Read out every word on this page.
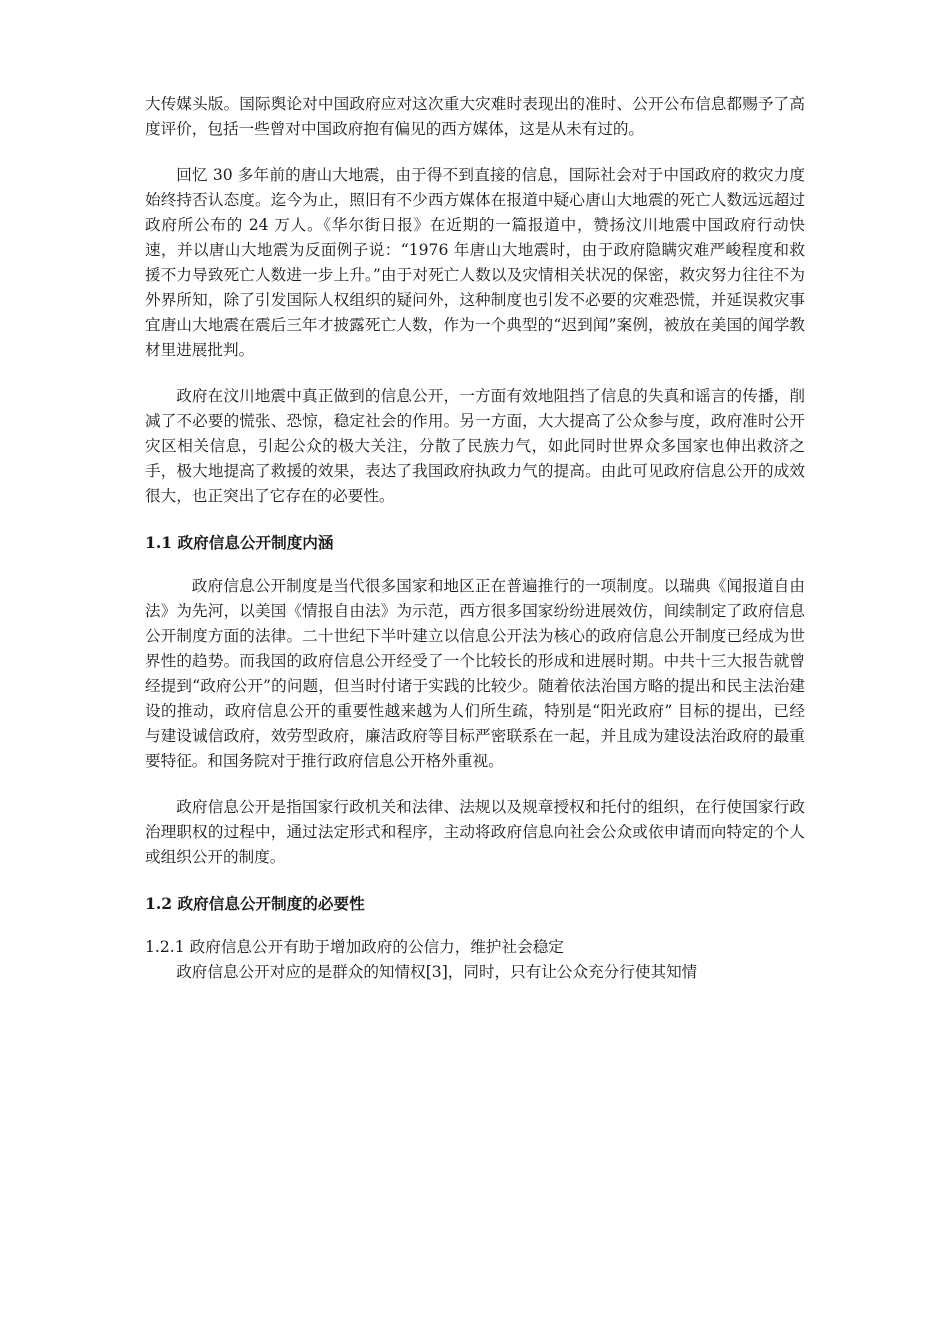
大传媒头版。国际舆论对中国政府应对这次重大灾难时表现出的准时、公开公布信息都赐予了高度评价，包括一些曾对中国政府抱有偏见的西方媒体，这是从未有过的。

回忆 30 多年前的唐山大地震，由于得不到直接的信息，国际社会对于中国政府的救灾力度始终持否认态度。迄今为止，照旧有不少西方媒体在报道中疑心唐山大地震的死亡人数远远超过政府所公布的 24 万人。《华尔街日报》在近期的一篇报道中，赞扬汶川地震中国政府行动快速，并以唐山大地震为反面例子说：“1976 年唐山大地震时，由于政府隐瞒灾难严峻程度和救援不力导致死亡人数进一步上升。”由于对死亡人数以及灾情相关状况的保密，救灾努力往往不为外界所知，除了引发国际人权组织的疑问外，这种制度也引发不必要的灾难恐慌，并延误救灾事宜唐山大地震在震后三年才披露死亡人数，作为一个典型的“迟到闻”案例，被放在美国的闻学教材里进展批判。

政府在汶川地震中真正做到的信息公开，一方面有效地阻挡了信息的失真和谣言的传播，削减了不必要的慌张、恐惊，稳定社会的作用。另一方面，大大提高了公众参与度，政府准时公开灾区相关信息，引起公众的极大关注，分散了民族力气，如此同时世界众多国家也伸出救济之手，极大地提高了救援的效果，表达了我国政府执政力气的提高。由此可见政府信息公开的成效很大，也正突出了它存在的必要性。

1.1 政府信息公开制度内涵

政府信息公开制度是当代很多国家和地区正在普遍推行的一项制度。以瑞典《闻报道自由法》为先河，以美国《情报自由法》为示范，西方很多国家纷纷进展效仿，间续制定了政府信息公开制度方面的法律。二十世纪下半叶建立以信息公开法为核心的政府信息公开制度已经成为世界性的趋势。而我国的政府信息公开经受了一个比较长的形成和进展时期。中共十三大报告就曾经提到“政府公开”的问题，但当时付诸于实践的比较少。随着依法治国方略的提出和民主法治建设的推动，政府信息公开的重要性越来越为人们所生疏，特别是“阳光政府” 目标的提出，已经与建设诚信政府，效劳型政府，廉洁政府等目标严密联系在一起，并且成为建设法治政府的最重要特征。和国务院对于推行政府信息公开格外重视。

政府信息公开是指国家行政机关和法律、法规以及规章授权和托付的组织，在行使国家行政治理职权的过程中，通过法定形式和程序，主动将政府信息向社会公众或依申请而向特定的个人或组织公开的制度。

1.2 政府信息公开制度的必要性
1.2.1 政府信息公开有助于增加政府的公信力，维护社会稳定

政府信息公开对应的是群众的知情权[3]，同时，只有让公众充分行使其知情
